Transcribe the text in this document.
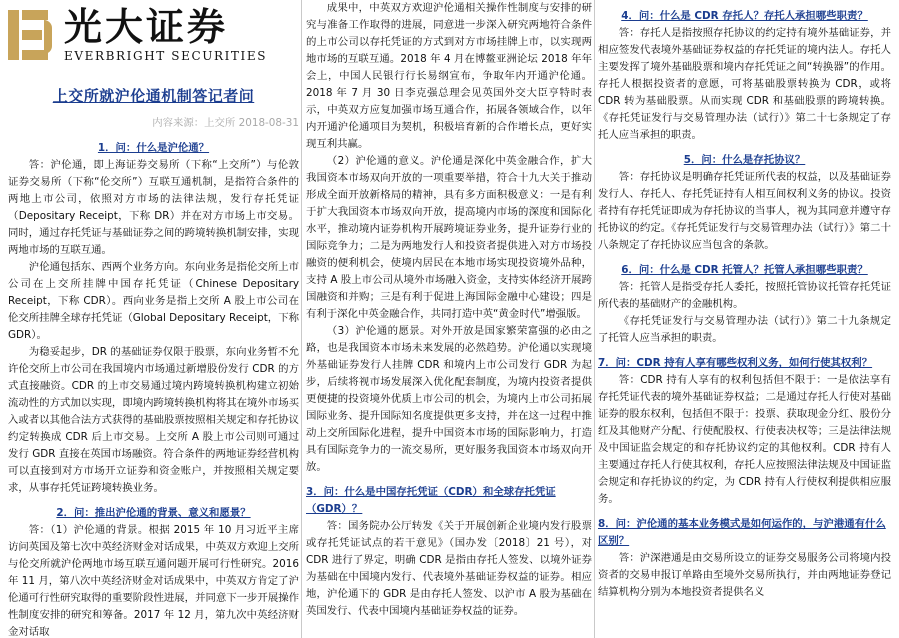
光大证券
EVERBRIGHT SECURITIES
上交所就沪伦通机制答记者问
内容来源：上交所 2018-08-31
1．问：什么是沪伦通？
答：沪伦通，即上海证券交易所（下称“上交所”）与伦敦证券交易所（下称“伦交所”）互联互通机制，是指符合条件的两地上市公司，依照对方市场的法律法规，发行存托凭证（Depositary Receipt，下称 DR）并在对方市场上市交易。同时，通过存托凭证与基础证券之间的跨境转换机制安排，实现两地市场的互联互通。
沪伦通包括东、西两个业务方向。东向业务是指伦交所上市公司在上交所挂牌中国存托凭证（Chinese Depositary Receipt，下称 CDR）。西向业务是指上交所 A 股上市公司在伦交所挂牌全球存托凭证（Global Depositary Receipt，下称 GDR）。
为稳妥起步，DR 的基础证券仅限于股票，东向业务暂不允许伦交所上市公司在我国境内市场通过新增股份发行 CDR 的方式直接融资。CDR 的上市交易通过境内跨境转换机构建立初始流动性的方式加以实现，即境内跨境转换机构将其在境外市场买入或者以其他合法方式获得的基础股票按照相关规定和存托协议约定转换成 CDR 后上市交易。上交所 A 股上市公司则可通过发行 GDR 直接在英国市场融资。符合条件的两地证券经营机构可以直接到对方市场开立证券和资金账户，并按照相关规定要求，从事存托凭证跨境转换业务。
2．问：推出沪伦通的背景、意义和愿景？
答：（1）沪伦通的背景。根据 2015 年 10 月习近平主席访问英国及第七次中英经济财金对话成果，中英双方欢迎上交所与伦交所就沪伦两地市场互联互通问题开展可行性研究。2016 年 11 月，第八次中英经济财金对话成果中，中英双方肯定了沪伦通可行性研究取得的重要阶段性进展，并同意下一步开展操作性制度安排的研究和筹备。2017 年 12 月，第九次中英经济财金对话取
成果中，中英双方欢迎沪伦通相关操作性制度与安排的研究与准备工作取得的进展，同意进一步深入研究两地符合条件的上市公司以存托凭证的方式到对方市场挂牌上市，以实现两地市场的互联互通。2018 年 4 月在博鳌亚洲论坛 2018 年年会上，中国人民银行行长易纲宣布，争取年内开通沪伦通。2018 年 7 月 30 日李克强总理会见英国外交大臣亨特时表示，中英双方应复加强市场互通合作，拓展各领域合作，以年内开通沪伦通项目为契机，积极培育新的合作增长点，更好实现互利共赢。
（2）沪伦通的意义。沪伦通是深化中英金融合作，扩大我国资本市场双向开放的一项重要举措，符合十九大关于推动形成全面开放新格局的精神，具有多方面积极意义：一是有利于扩大我国资本市场双向开放，提高境内市场的深度和国际化水平，推动境内证券机构开展跨境证券业务，提升证券行业的国际竞争力；二是为两地发行人和投资者提供进入对方市场投融资的便利机会，使境内居民在本地市场实现投资境外品种，支持 A 股上市公司从境外市场融入资金，支持实体经济开展跨国融资和并购；三是有利于促进上海国际金融中心建设；四是有利于深化中英金融合作，共同打造中英“黄金时代”增强版。
（3）沪伦通的愿景。对外开放是国家繁荣富强的必由之路，也是我国资本市场未来发展的必然趋势。沪伦通以实现境外基础证券发行人挂牌 CDR 和境内上市公司发行 GDR 为起步，后续将视市场发展深入优化配套制度，为境内投资者提供更便捷的投资境外优质上市公司的机会，为境内上市公司拓展国际业务、提升国际知名度提供更多支持，并在这一过程中推动上交所国际化进程，提升中国资本市场的国际影响力，打造具有国际竞争力的一流交易所，更好服务我国资本市场双向开放。
3．问：什么是中国存托凭证（CDR）和全球存托凭证（GDR）？
答：国务院办公厅转发《关于开展创新企业境内发行股票或存托凭证试点的若干意见》（国办发〔2018〕21 号），对 CDR 进行了界定，明确 CDR 是指由存托人签发、以境外证券为基础在中国境内发行、代表境外基础证券权益的证券。相应地，沪伦通下的 GDR 是由存托人签发、以沪市 A 股为基础在英国发行、代表中国境内基础证券权益的证券。
4．问：什么是 CDR 存托人？存托人承担哪些职责？
答：存托人是指按照存托协议的约定持有境外基础证券，并相应签发代表境外基础证券权益的存托凭证的境内法人。存托人主要发挥了境外基础股票和境内存托凭证之间“转换器”的作用。存托人根据投资者的意愿，可将基础股票转换为 CDR，或将 CDR 转为基础股票。从而实现 CDR 和基础股票的跨境转换。《存托凭证发行与交易管理办法（试行）》第二十七条规定了存托人应当承担的职责。
5．问：什么是存托协议？
答：存托协议是明确存托凭证所代表的权益，以及基础证券发行人、存托人、存托凭证持有人相互间权利义务的协议。投资者持有存托凭证即成为存托协议的当事人，视为其同意并遵守存托协议的约定。《存托凭证发行与交易管理办法（试行）》第二十八条规定了存托协议应当包含的条款。
6．问：什么是 CDR 托管人？托管人承担哪些职责？
答：托管人是指受存托人委托，按照托管协议托管存托凭证所代表的基础财产的金融机构。
《存托凭证发行与交易管理办法（试行）》第二十九条规定了托管人应当承担的职责。
7．问：CDR 持有人享有哪些权利义务，如何行使其权利？
答：CDR 持有人享有的权利包括但不限于：一是依法享有存托凭证代表的境外基础证券权益；二是通过存托人行使对基础证券的股东权利，包括但不限于：投票、获取现金分红、股份分红及其他财产分配、行使配股权、行使表决权等；三是法律法规及中国证监会规定的和存托协议约定的其他权利。CDR 持有人主要通过存托人行使其权利，存托人应按照法律法规及中国证监会规定和存托协议的约定，为 CDR 持有人行使权利提供相应服务。
8．问：沪伦通的基本业务模式是如何运作的，与沪港通有什么区别？
答：沪深港通是由交易所设立的证券交易服务公司将境内投资者的交易申报订单路由至境外交易所执行，并由两地证券登记结算机构分别为本地投资者提供名义
